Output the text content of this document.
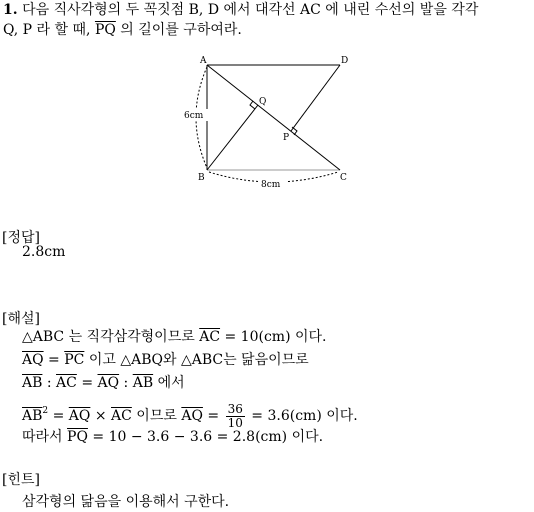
1. 다음 직사각형의 두 꼭짓점 B, D 에서 대각선 AC 에 내린 수선의 발을 각각
Q, P 라 할 때, $\overline{PQ}$ 의 길이를 구하여라.
A	D
B	C
Q
P
6cm
8cm
[정답]
2.8cm
[해설]
△ABC 는 직각삼각형이므로 $\overline{AC} = 10(cm)$ 이다.
$\overline{AQ} = \overline{PC}$ 이고 △ABQ와 △ABC는 닮음이므로
$\overline{AB}$ : $\overline{AC} = \overline{AQ}$ : $\overline{AB}$ 에서
$\overline{AB}^2 = \overline{AQ} \times \overline{AC}$ 이므로 $\overline{AQ} = \frac{36}{10} = 3.6(cm)$ 이다.
따라서 $\overline{PQ} = 10 - 3.6 - 3.6 = 2.8(cm)$ 이다.
[힌트]
삼각형의 닮음을 이용해서 구한다.
